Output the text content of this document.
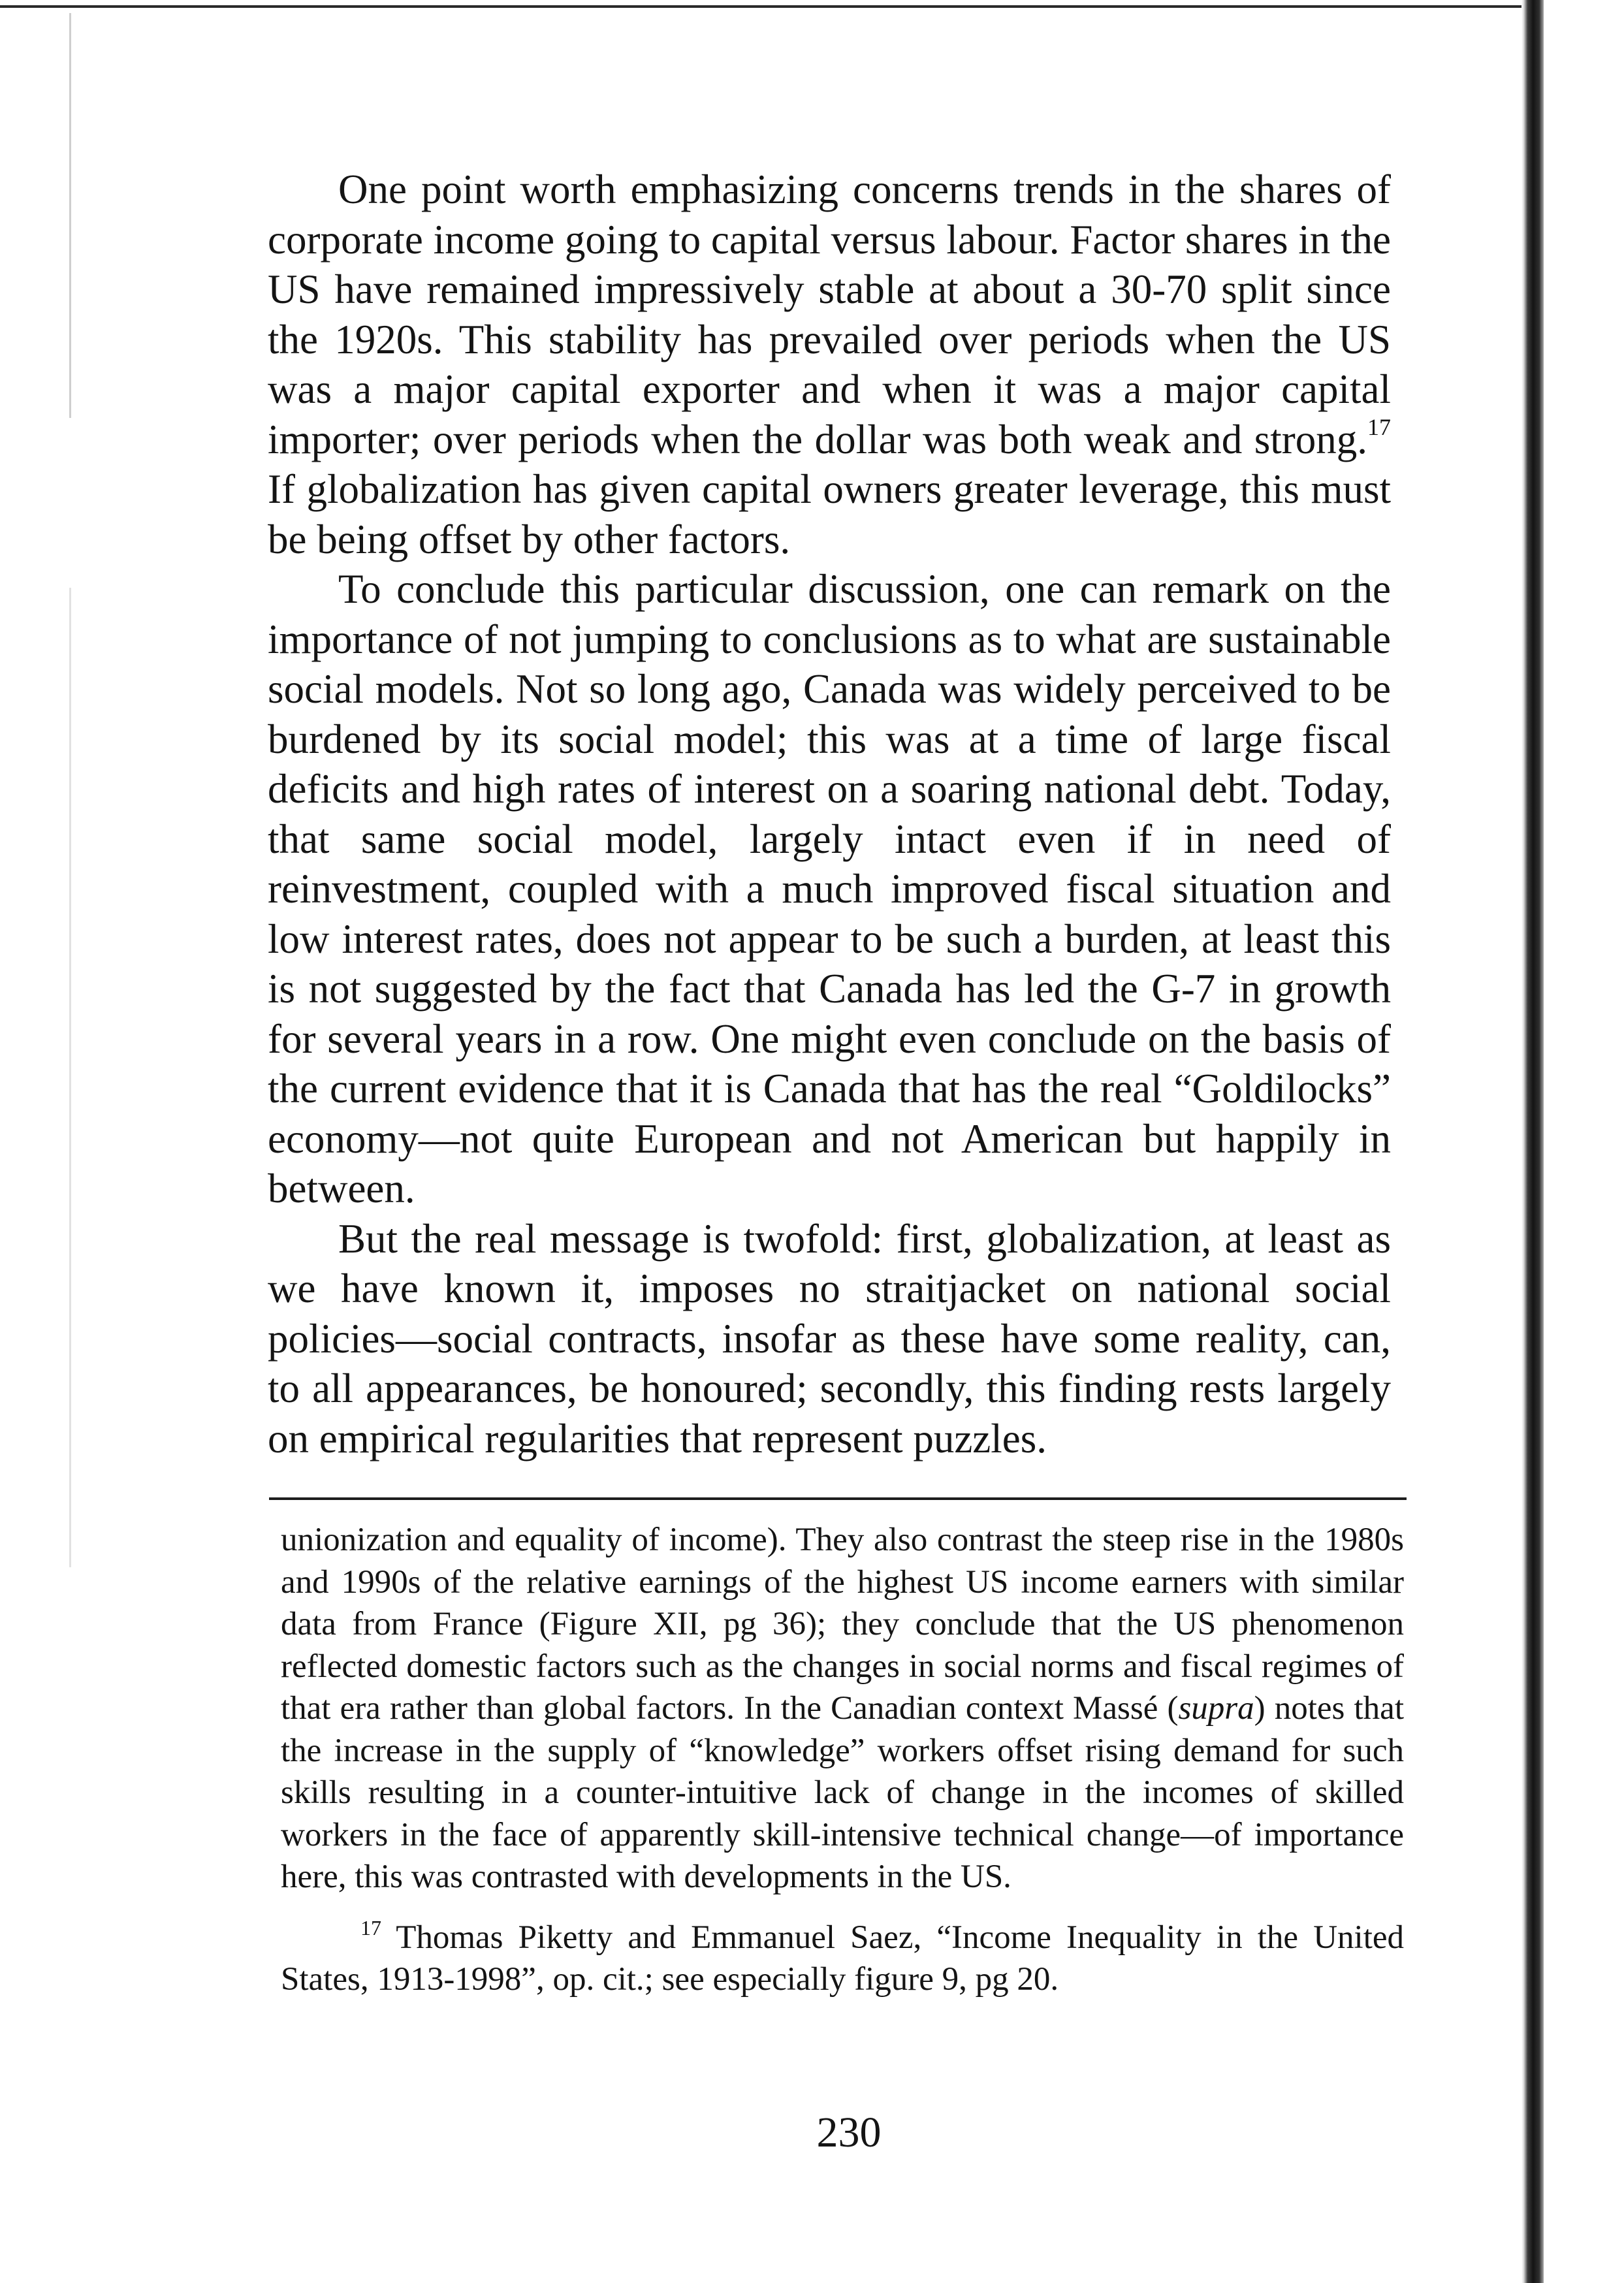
One point worth emphasizing concerns trends in the shares of corporate income going to capital versus labour. Factor shares in the US have remained impressively stable at about a 30-70 split since the 1920s. This stability has prevailed over periods when the US was a major capital exporter and when it was a major capital importer; over periods when the dollar was both weak and strong.$^{17}$ If globalization has given capital owners greater leverage, this must be being offset by other factors.

To conclude this particular discussion, one can remark on the importance of not jumping to conclusions as to what are sustainable social models. Not so long ago, Canada was widely perceived to be burdened by its social model; this was at a time of large fiscal deficits and high rates of interest on a soaring national debt. Today, that same social model, largely intact even if in need of reinvestment, coupled with a much improved fiscal situation and low interest rates, does not appear to be such a burden, at least this is not suggested by the fact that Canada has led the G-7 in growth for several years in a row. One might even conclude on the basis of the current evidence that it is Canada that has the real “Goldilocks” economy—not quite European and not American but happily in between.

But the real message is twofold: first, globalization, at least as we have known it, imposes no straitjacket on national social policies—social contracts, insofar as these have some reality, can, to all appearances, be honoured; secondly, this finding rests largely on empirical regularities that represent puzzles.

unionization and equality of income). They also contrast the steep rise in the 1980s and 1990s of the relative earnings of the highest US income earners with similar data from France (Figure XII, pg 36); they conclude that the US phenomenon reflected domestic factors such as the changes in social norms and fiscal regimes of that era rather than global factors. In the Canadian context Massé (supra) notes that the increase in the supply of “knowledge” workers offset rising demand for such skills resulting in a counter-intuitive lack of change in the incomes of skilled workers in the face of apparently skill-intensive technical change—of importance here, this was contrasted with developments in the US.

$^{17}$ Thomas Piketty and Emmanuel Saez, “Income Inequality in the United States, 1913-1998”, op. cit.; see especially figure 9, pg 20.

230
